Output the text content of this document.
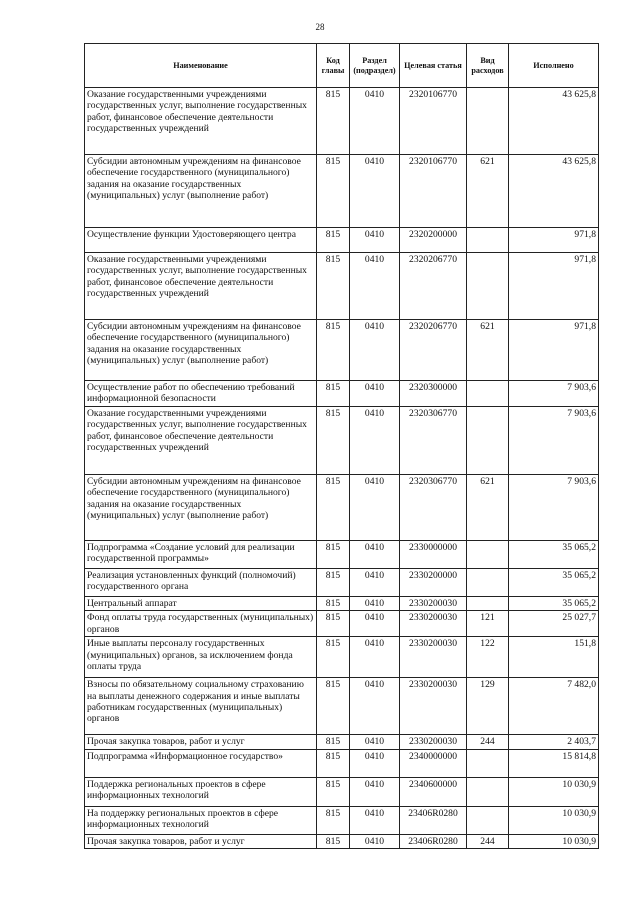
28
Наименование	Код главы	Раздел (подраздел)	Целевая статья	Вид расходов	Исполнено
Оказание государственными учреждениями государственных услуг, выполнение государственных работ, финансовое обеспечение деятельности государственных учреждений	815	0410	2320106770		43 625,8
Субсидии автономным учреждениям на финансовое обеспечение государственного (муниципального) задания на оказание государственных (муниципальных) услуг (выполнение работ)	815	0410	2320106770	621	43 625,8
Осуществление функции Удостоверяющего центра	815	0410	2320200000		971,8
Оказание государственными учреждениями государственных услуг, выполнение государственных работ, финансовое обеспечение деятельности государственных учреждений	815	0410	2320206770		971,8
Субсидии автономным учреждениям на финансовое обеспечение государственного (муниципального) задания на оказание государственных (муниципальных) услуг (выполнение работ)	815	0410	2320206770	621	971,8
Осуществление работ по обеспечению требований информационной безопасности	815	0410	2320300000		7 903,6
Оказание государственными учреждениями государственных услуг, выполнение государственных работ, финансовое обеспечение деятельности государственных учреждений	815	0410	2320306770		7 903,6
Субсидии автономным учреждениям на финансовое обеспечение государственного (муниципального) задания на оказание государственных (муниципальных) услуг (выполнение работ)	815	0410	2320306770	621	7 903,6
Подпрограмма «Создание условий для реализации государственной программы»	815	0410	2330000000		35 065,2
Реализация установленных функций (полномочий) государственного органа	815	0410	2330200000		35 065,2
Центральный аппарат	815	0410	2330200030		35 065,2
Фонд оплаты труда государственных (муниципальных) органов	815	0410	2330200030	121	25 027,7
Иные выплаты персоналу государственных (муниципальных) органов, за исключением фонда оплаты труда	815	0410	2330200030	122	151,8
Взносы по обязательному социальному страхованию на выплаты денежного содержания и иные выплаты работникам государственных (муниципальных) органов	815	0410	2330200030	129	7 482,0
Прочая закупка товаров, работ и услуг	815	0410	2330200030	244	2 403,7
Подпрограмма «Информационное государство»	815	0410	2340000000		15 814,8
Поддержка региональных проектов в сфере информационных технологий	815	0410	2340600000		10 030,9
На поддержку региональных проектов в сфере информационных технологий	815	0410	23406R0280		10 030,9
Прочая закупка товаров, работ и услуг	815	0410	23406R0280	244	10 030,9
